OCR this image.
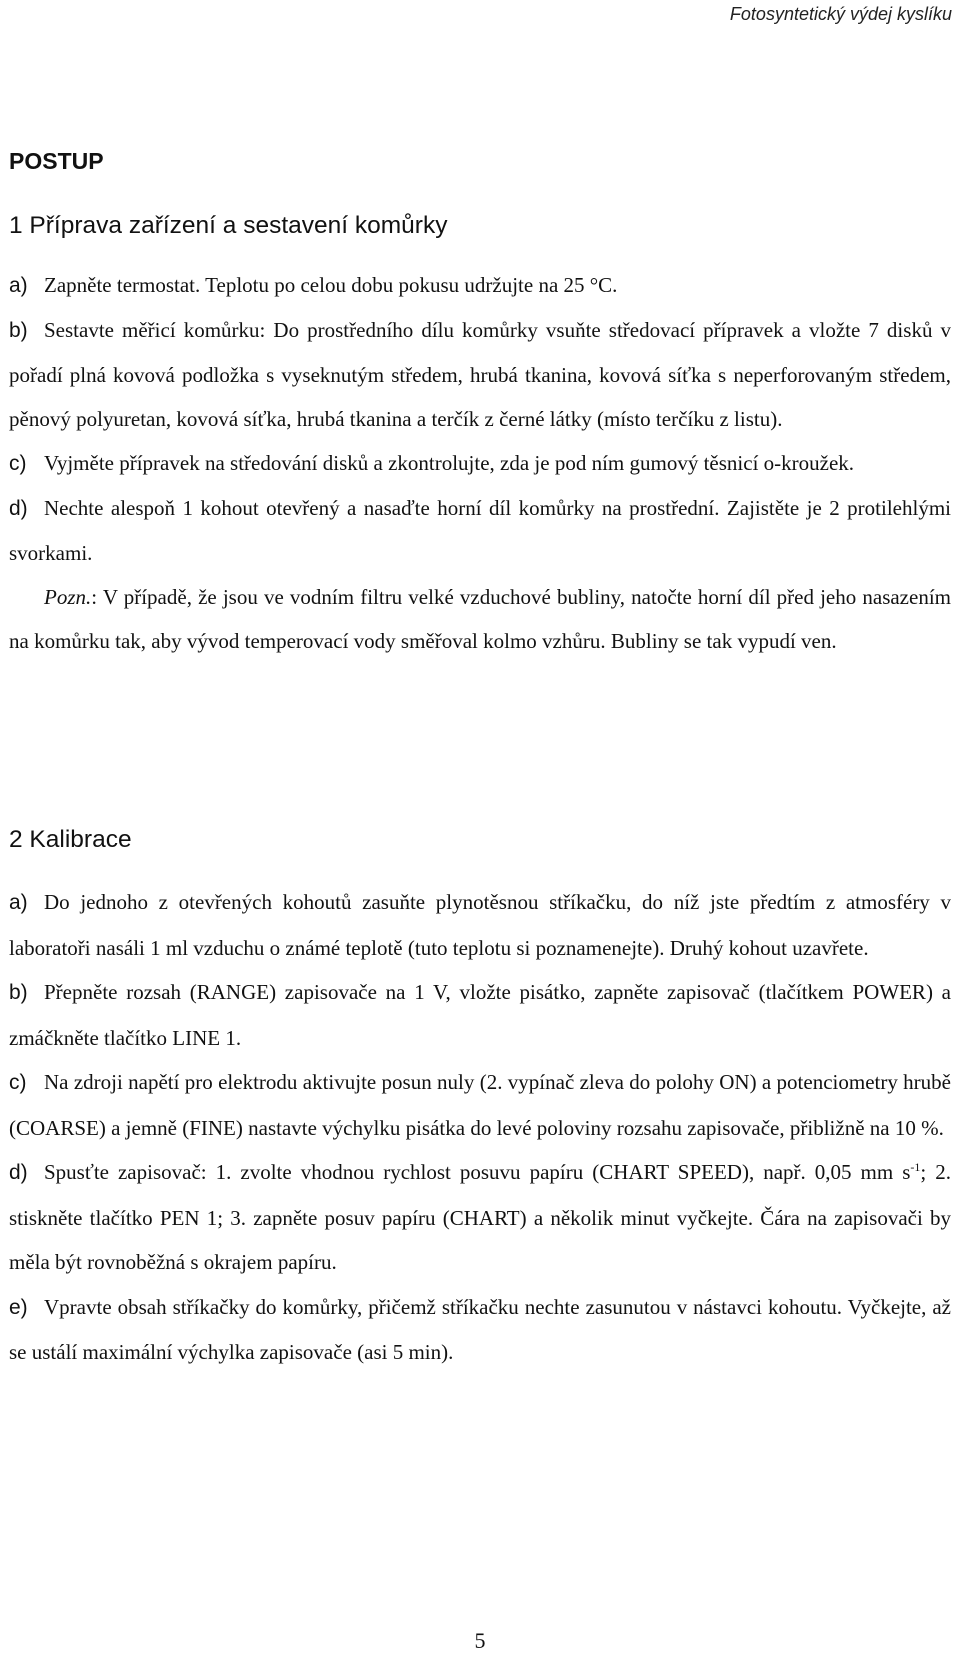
Fotosyntetický výdej kyslíku
POSTUP
1 Příprava zařízení a sestavení komůrky
a) Zapněte termostat. Teplotu po celou dobu pokusu udržujte na 25 °C.
b) Sestavte měřicí komůrku: Do prostředního dílu komůrky vsuňte středovací přípravek a vložte 7 disků v pořadí plná kovová podložka s vyseknutým středem, hrubá tkanina, kovová síťka s neperforovaným středem, pěnový polyuretan, kovová síťka, hrubá tkanina a terčík z černé látky (místo terčíku z listu).
c) Vyjměte přípravek na středování disků a zkontrolujte, zda je pod ním gumový těsnicí o-kroužek.
d) Nechte alespoň 1 kohout otevřený a nasaďte horní díl komůrky na prostřední. Zajistěte je 2 protilehlými svorkami.
Pozn.: V případě, že jsou ve vodním filtru velké vzduchové bubliny, natočte horní díl před jeho nasazením na komůrku tak, aby vývod temperovací vody směřoval kolmo vzhůru. Bubliny se tak vypudí ven.
2 Kalibrace
a) Do jednoho z otevřených kohoutů zasuňte plynotěsnou stříkačku, do níž jste předtím z atmosféry v laboratoři nasáli 1 ml vzduchu o známé teplotě (tuto teplotu si poznamenejte). Druhý kohout uzavřete.
b) Přepněte rozsah (RANGE) zapisovače na 1 V, vložte pisátko, zapněte zapisovač (tlačítkem POWER) a zmáčkněte tlačítko LINE 1.
c) Na zdroji napětí pro elektrodu aktivujte posun nuly (2. vypínač zleva do polohy ON) a potenciometry hrubě (COARSE) a jemně (FINE) nastavte výchylku pisátka do levé poloviny rozsahu zapisovače, přibližně na 10 %.
d) Spusťte zapisovač: 1. zvolte vhodnou rychlost posuvu papíru (CHART SPEED), např. 0,05 mm $s^{-1}$; 2. stiskněte tlačítko PEN 1; 3. zapněte posuv papíru (CHART) a několik minut vyčkejte. Čára na zapisovači by měla být rovnoběžná s okrajem papíru.
e) Vpravte obsah stříkačky do komůrky, přičemž stříkačku nechte zasunutou v nástavci kohoutu. Vyčkejte, až se ustálí maximální výchylka zapisovače (asi 5 min).
5
